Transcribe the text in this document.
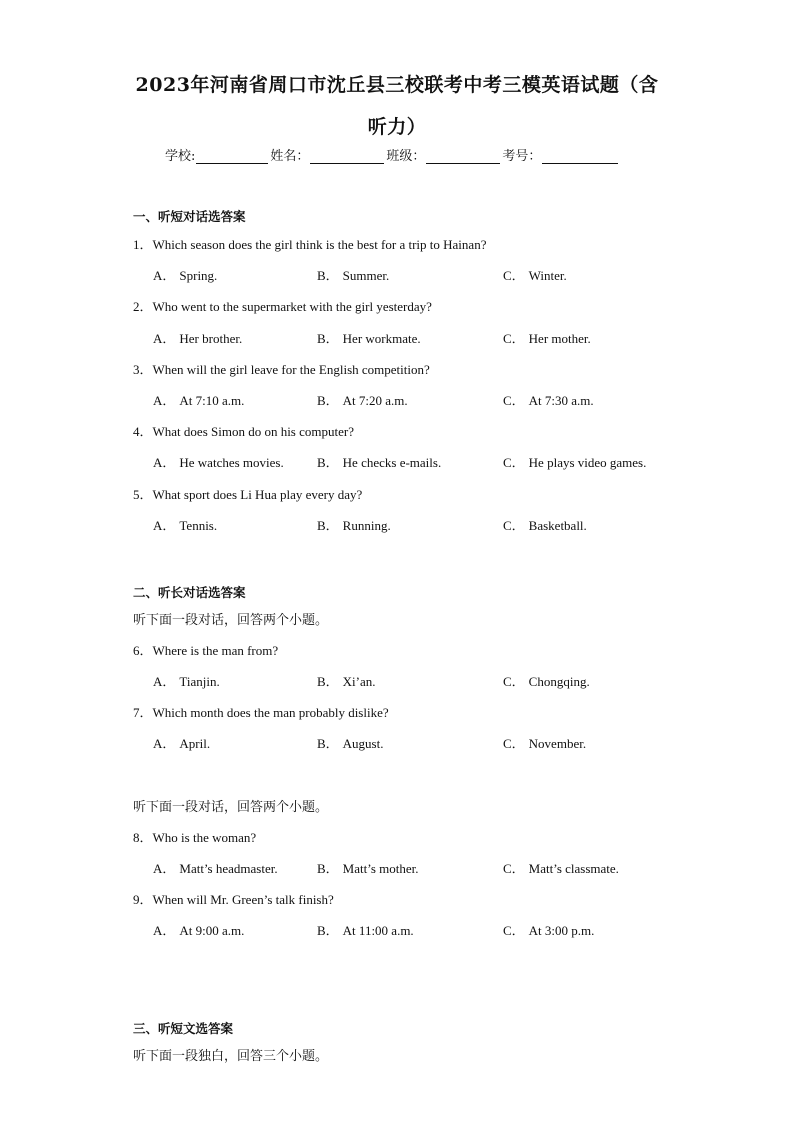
2023年河南省周口市沈丘县三校联考中考三模英语试题（含
听力）
学校:	姓名：	班级：	考号：
一、听短对话选答案
1．Which season does the girl think is the best for a trip to Hainan?
A． Spring.	B． Summer.	C． Winter.
2．Who went to the supermarket with the girl yesterday?
A． Her brother.	B． Her workmate.	C． Her mother.
3．When will the girl leave for the English competition?
A． At 7:10 a.m.	B． At 7:20 a.m.	C． At 7:30 a.m.
4．What does Simon do on his computer?
A． He watches movies.	B． He checks e-mails.	C． He plays video games.
5．What sport does Li Hua play every day?
A． Tennis.	B． Running.	C． Basketball.
二、听长对话选答案
听下面一段对话，回答两个小题。
6．Where is the man from?
A． Tianjin.	B． Xi’an.	C． Chongqing.
7．Which month does the man probably dislike?
A． April.	B． August.	C． November.
听下面一段对话，回答两个小题。
8．Who is the woman?
A． Matt’s headmaster.	B． Matt’s mother.	C． Matt’s classmate.
9．When will Mr. Green’s talk finish?
A． At 9:00 a.m.	B． At 11:00 a.m.	C． At 3:00 p.m.
三、听短文选答案
听下面一段独白，回答三个小题。
